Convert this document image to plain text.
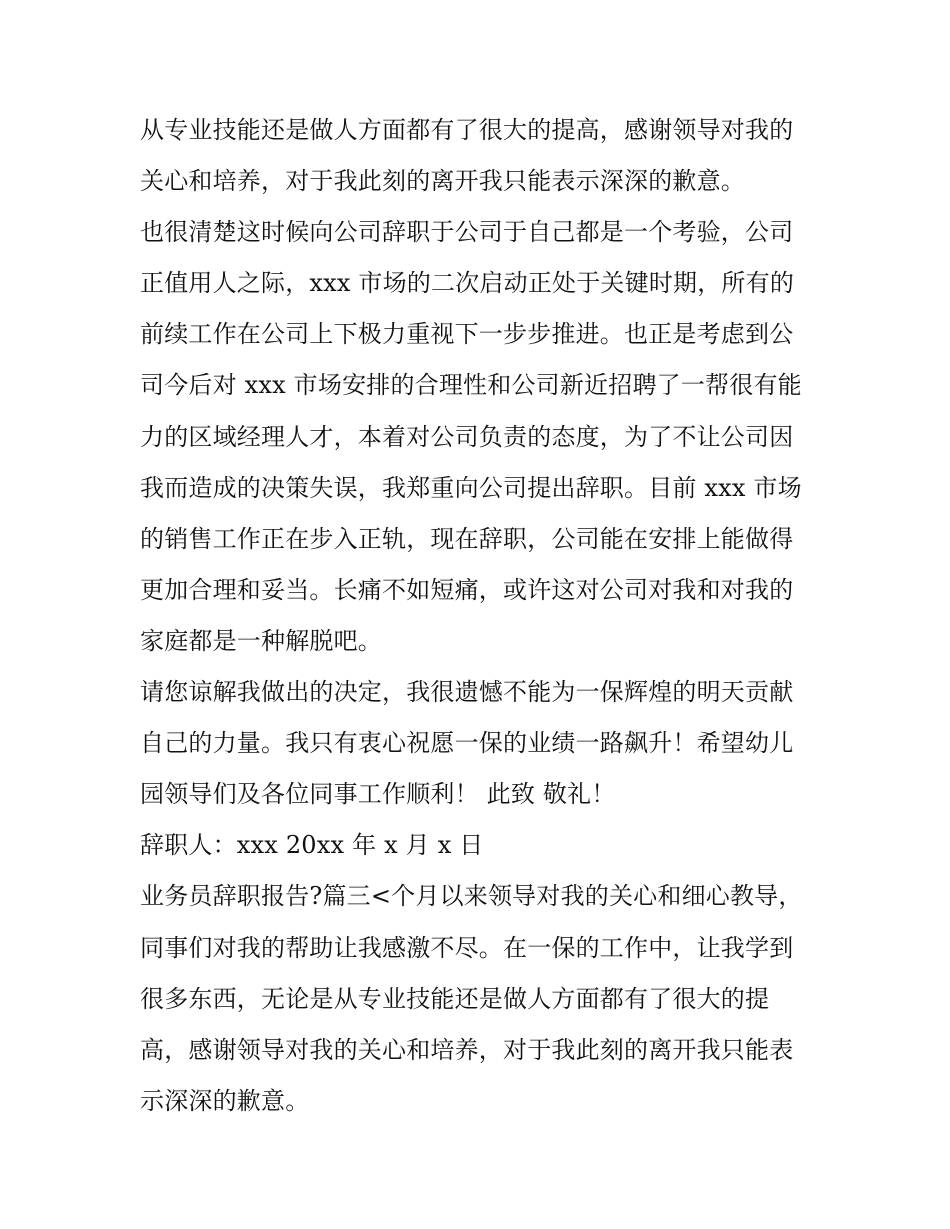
从专业技能还是做人方面都有了很大的提高，感谢领导对我的
关心和培养，对于我此刻的离开我只能表示深深的歉意。
也很清楚这时候向公司辞职于公司于自己都是一个考验，公司
正值用人之际，xxx 市场的二次启动正处于关键时期，所有的
前续工作在公司上下极力重视下一步步推进。也正是考虑到公
司今后对 xxx 市场安排的合理性和公司新近招聘了一帮很有能
力的区域经理人才，本着对公司负责的态度，为了不让公司因
我而造成的决策失误，我郑重向公司提出辞职。目前 xxx 市场
的销售工作正在步入正轨，现在辞职，公司能在安排上能做得
更加合理和妥当。长痛不如短痛，或许这对公司对我和对我的
家庭都是一种解脱吧。
请您谅解我做出的决定，我很遗憾不能为一保辉煌的明天贡献
自己的力量。我只有衷心祝愿一保的业绩一路飙升！希望幼儿
园领导们及各位同事工作顺利！ 此致 敬礼！
辞职人：xxx 20xx 年 x 月 x 日
业务员辞职报告?篇三<个月以来领导对我的关心和细心教导，
同事们对我的帮助让我感激不尽。在一保的工作中，让我学到
很多东西，无论是从专业技能还是做人方面都有了很大的提
高，感谢领导对我的关心和培养，对于我此刻的离开我只能表
示深深的歉意。
